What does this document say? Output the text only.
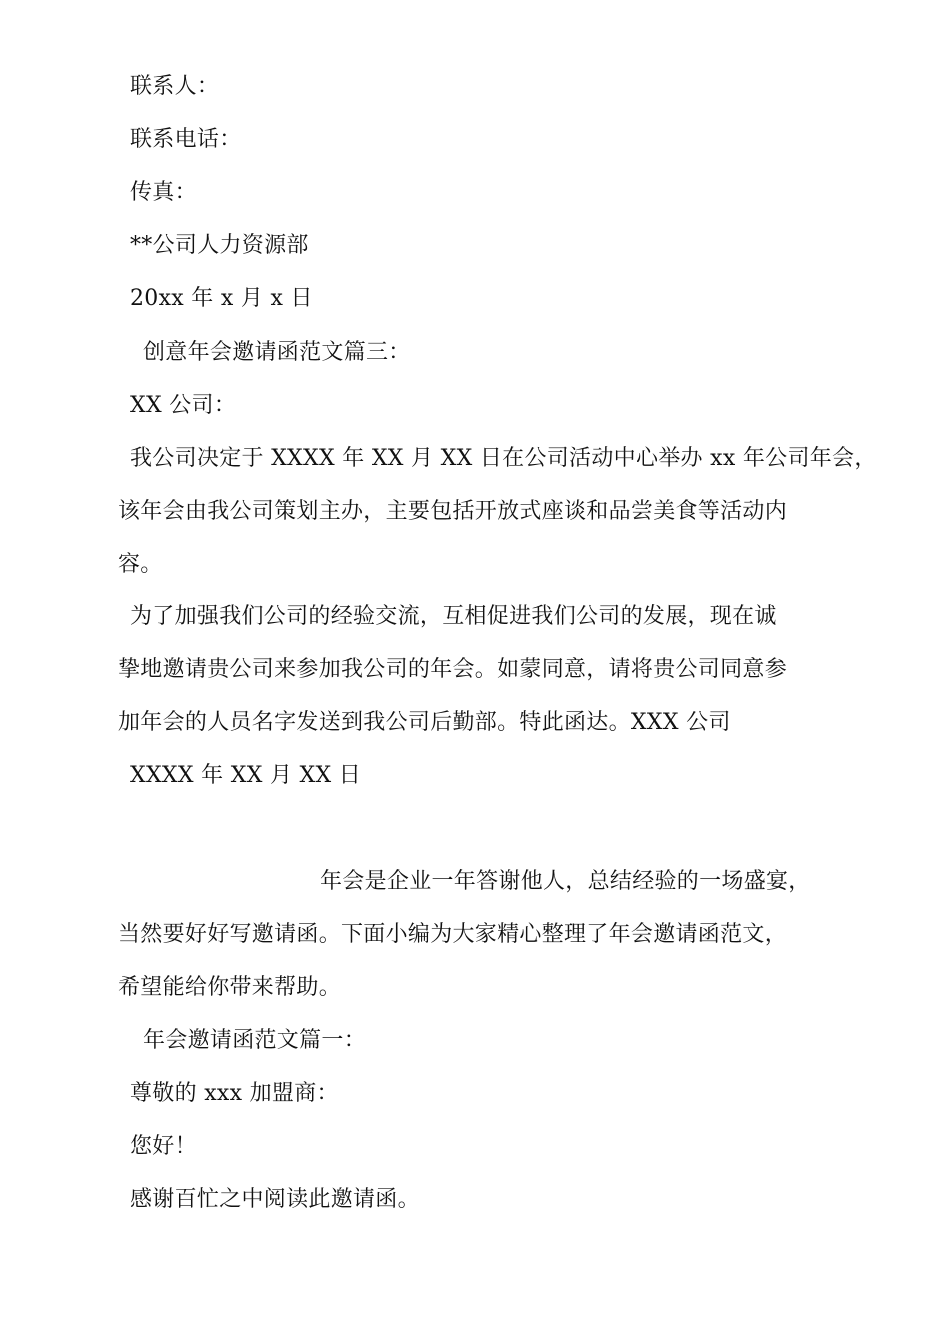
联系人：
联系电话：
传真：
**公司人力资源部
20xx 年 x 月 x 日
创意年会邀请函范文篇三：
XX 公司：
我公司决定于 XXXX 年 XX 月 XX 日在公司活动中心举办 xx 年公司年会，
该年会由我公司策划主办，主要包括开放式座谈和品尝美食等活动内
容。
为了加强我们公司的经验交流，互相促进我们公司的发展，现在诚
挚地邀请贵公司来参加我公司的年会。如蒙同意，请将贵公司同意参
加年会的人员名字发送到我公司后勤部。特此函达。XXX 公司
XXXX 年 XX 月 XX 日
年会是企业一年答谢他人，总结经验的一场盛宴，
当然要好好写邀请函。下面小编为大家精心整理了年会邀请函范文，
希望能给你带来帮助。
年会邀请函范文篇一：
尊敬的 xxx 加盟商：
您好！
感谢百忙之中阅读此邀请函。
